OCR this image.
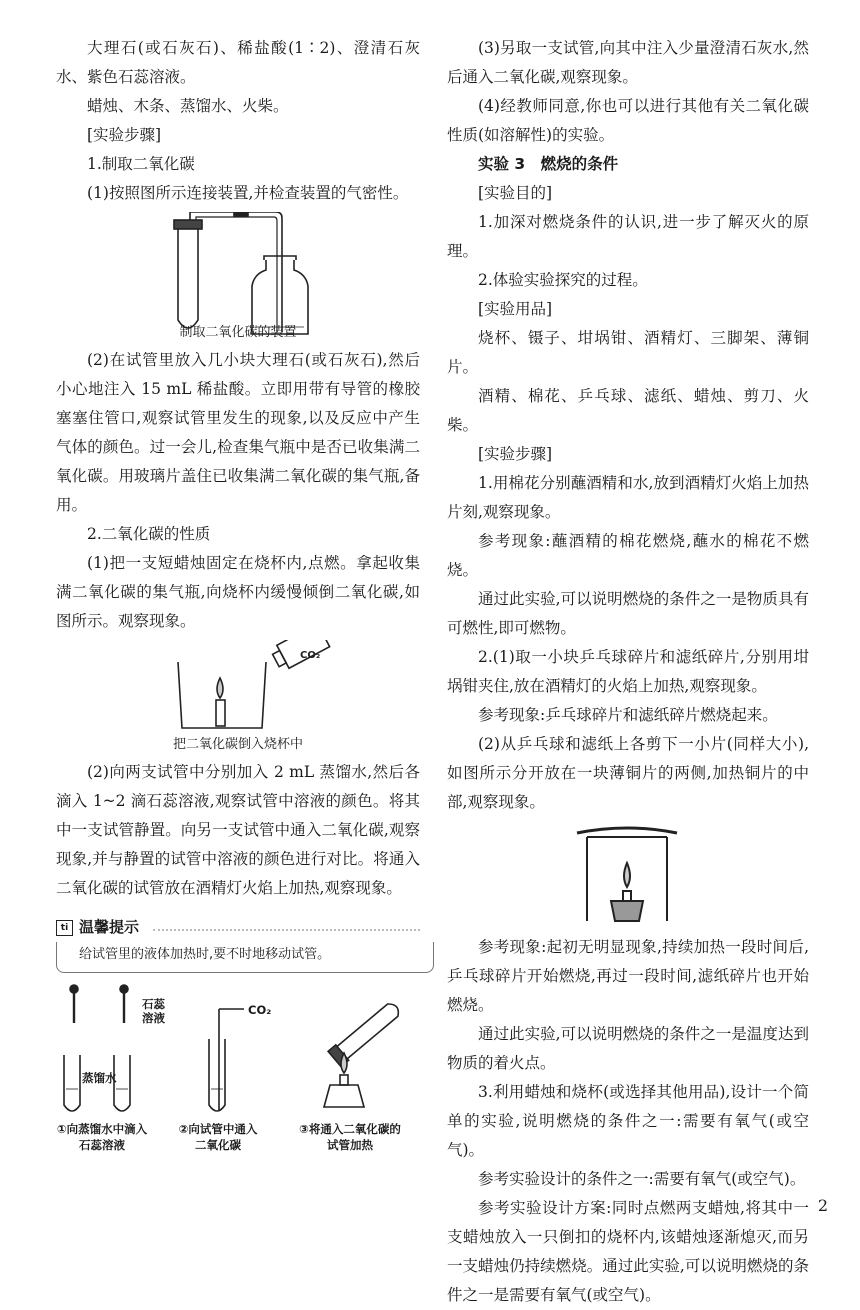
大理石(或石灰石)、稀盐酸(1∶2)、澄清石灰水、紫色石蕊溶液。

蜡烛、木条、蒸馏水、火柴。

[实验步骤]

1.制取二氧化碳

(1)按照图所示连接装置,并检查装置的气密性。

制取二氧化碳的装置

(2)在试管里放入几小块大理石(或石灰石),然后小心地注入 15 mL 稀盐酸。立即用带有导管的橡胶塞塞住管口,观察试管里发生的现象,以及反应中产生气体的颜色。过一会儿,检查集气瓶中是否已收集满二氧化碳。用玻璃片盖住已收集满二氧化碳的集气瓶,备用。

2.二氧化碳的性质

(1)把一支短蜡烛固定在烧杯内,点燃。拿起收集满二氧化碳的集气瓶,向烧杯内缓慢倾倒二氧化碳,如图所示。观察现象。

CO₂
把二氧化碳倒入烧杯中

(2)向两支试管中分别加入 2 mL 蒸馏水,然后各滴入 1~2 滴石蕊溶液,观察试管中溶液的颜色。将其中一支试管静置。向另一支试管中通入二氧化碳,观察现象,并与静置的试管中溶液的颜色进行对比。将通入二氧化碳的试管放在酒精灯火焰上加热,观察现象。

ti 温馨提示
给试管里的液体加热时,要不时地移动试管。
石蕊溶液
蒸馏水
CO₂
①向蒸馏水中滴入石蕊溶液
②向试管中通入二氧化碳
③将通入二氧化碳的试管加热

(3)另取一支试管,向其中注入少量澄清石灰水,然后通入二氧化碳,观察现象。

(4)经教师同意,你也可以进行其他有关二氧化碳性质(如溶解性)的实验。

实验 3　燃烧的条件

[实验目的]

1.加深对燃烧条件的认识,进一步了解灭火的原理。

2.体验实验探究的过程。

[实验用品]

烧杯、镊子、坩埚钳、酒精灯、三脚架、薄铜片。

酒精、棉花、乒乓球、滤纸、蜡烛、剪刀、火柴。

[实验步骤]

1.用棉花分别蘸酒精和水,放到酒精灯火焰上加热片刻,观察现象。

参考现象:蘸酒精的棉花燃烧,蘸水的棉花不燃烧。

通过此实验,可以说明燃烧的条件之一是物质具有可燃性,即可燃物。

2.(1)取一小块乒乓球碎片和滤纸碎片,分别用坩埚钳夹住,放在酒精灯的火焰上加热,观察现象。

参考现象:乒乓球碎片和滤纸碎片燃烧起来。

(2)从乒乓球和滤纸上各剪下一小片(同样大小),如图所示分开放在一块薄铜片的两侧,加热铜片的中部,观察现象。

参考现象:起初无明显现象,持续加热一段时间后,乒乓球碎片开始燃烧,再过一段时间,滤纸碎片也开始燃烧。

通过此实验,可以说明燃烧的条件之一是温度达到物质的着火点。

3.利用蜡烛和烧杯(或选择其他用品),设计一个简单的实验,说明燃烧的条件之一:需要有氧气(或空气)。

参考实验设计的条件之一:需要有氧气(或空气)。

参考实验设计方案:同时点燃两支蜡烛,将其中一支蜡烛放入一只倒扣的烧杯内,该蜡烛逐渐熄灭,而另一支蜡烛仍持续燃烧。通过此实验,可以说明燃烧的条件之一是需要有氧气(或空气)。

2
